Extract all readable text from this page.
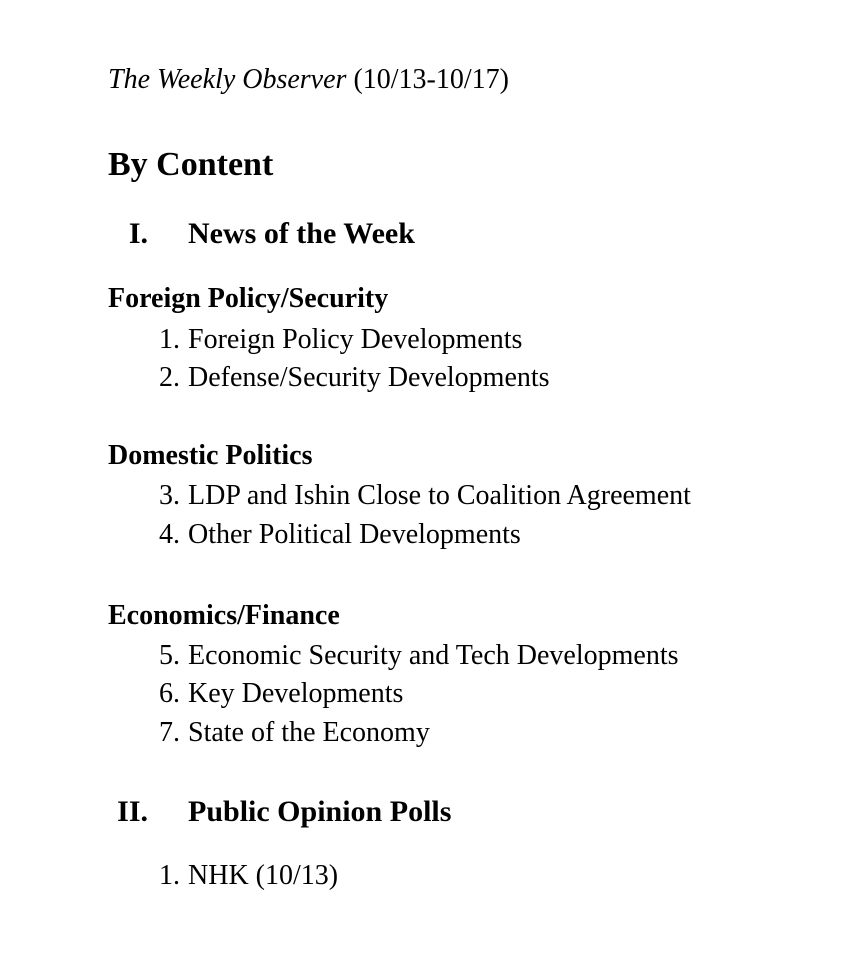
The Weekly Observer (10/13-10/17)
By Content
I. News of the Week
Foreign Policy/Security
1. Foreign Policy Developments
2. Defense/Security Developments
Domestic Politics
3. LDP and Ishin Close to Coalition Agreement
4. Other Political Developments
Economics/Finance
5. Economic Security and Tech Developments
6. Key Developments
7. State of the Economy
II. Public Opinion Polls
1. NHK (10/13)
